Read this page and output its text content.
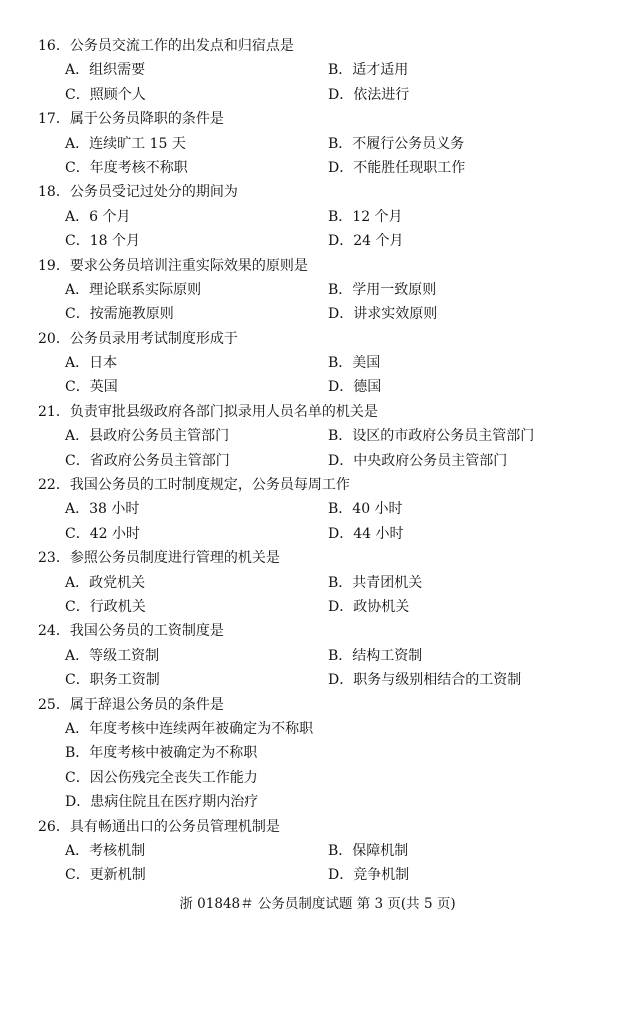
16．公务员交流工作的出发点和归宿点是
A．组织需要	B．适才适用
C．照顾个人	D．依法进行
17．属于公务员降职的条件是
A．连续旷工 15 天	B．不履行公务员义务
C．年度考核不称职	D．不能胜任现职工作
18．公务员受记过处分的期间为
A．6 个月	B．12 个月
C．18 个月	D．24 个月
19．要求公务员培训注重实际效果的原则是
A．理论联系实际原则	B．学用一致原则
C．按需施教原则	D．讲求实效原则
20．公务员录用考试制度形成于
A．日本	B．美国
C．英国	D．德国
21．负责审批县级政府各部门拟录用人员名单的机关是
A．县政府公务员主管部门	B．设区的市政府公务员主管部门
C．省政府公务员主管部门	D．中央政府公务员主管部门
22．我国公务员的工时制度规定，公务员每周工作
A．38 小时	B．40 小时
C．42 小时	D．44 小时
23．参照公务员制度进行管理的机关是
A．政党机关	B．共青团机关
C．行政机关	D．政协机关
24．我国公务员的工资制度是
A．等级工资制	B．结构工资制
C．职务工资制	D．职务与级别相结合的工资制
25．属于辞退公务员的条件是
A．年度考核中连续两年被确定为不称职
B．年度考核中被确定为不称职
C．因公伤残完全丧失工作能力
D．患病住院且在医疗期内治疗
26．具有畅通出口的公务员管理机制是
A．考核机制	B．保障机制
C．更新机制	D．竞争机制
浙 01848＃ 公务员制度试题 第 3 页(共 5 页)
